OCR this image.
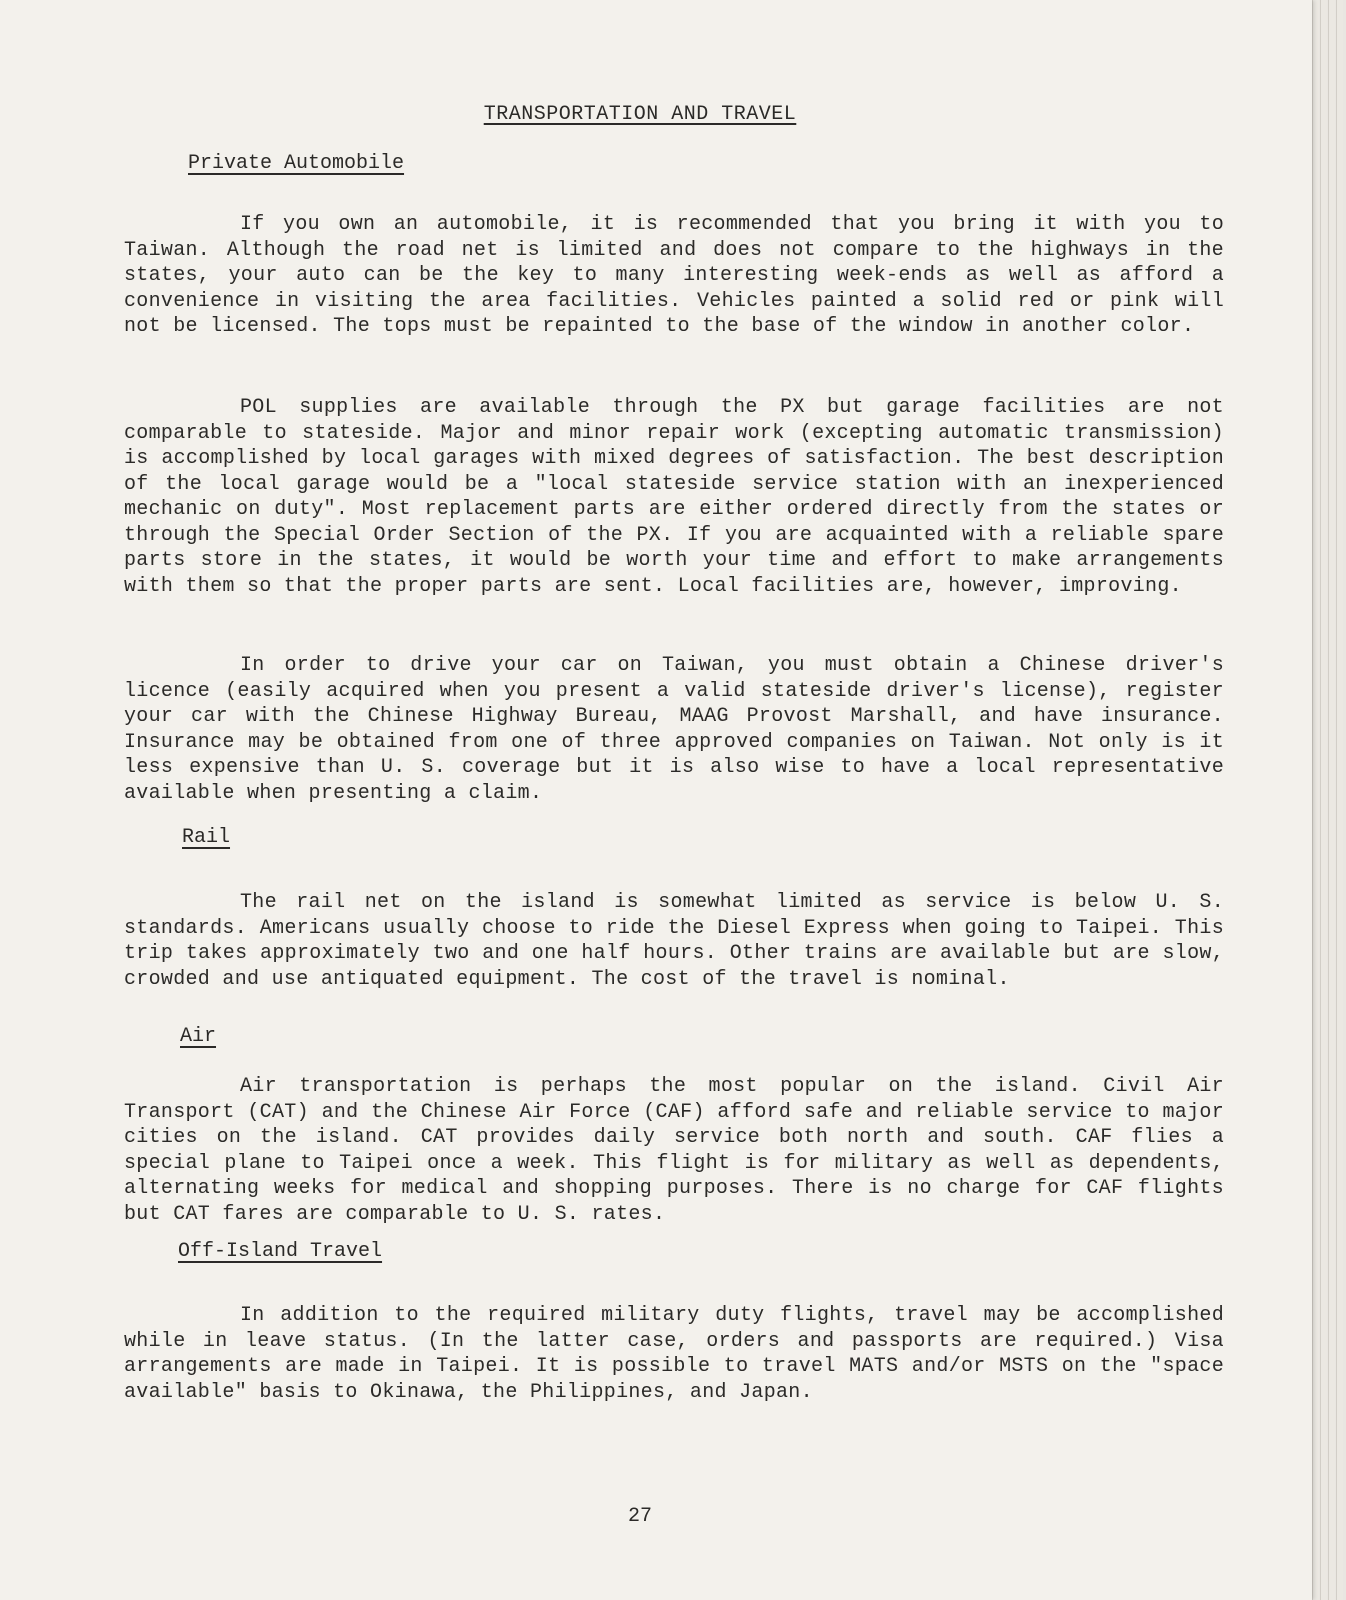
TRANSPORTATION AND TRAVEL
Private Automobile

If you own an automobile, it is recommended that you bring it with you to Taiwan. Although the road net is limited and does not compare to the highways in the states, your auto can be the key to many interesting week-ends as well as afford a convenience in visiting the area facilities. Vehicles painted a solid red or pink will not be licensed. The tops must be repainted to the base of the window in another color.

POL supplies are available through the PX but garage facilities are not comparable to stateside. Major and minor repair work (excepting automatic transmission) is accomplished by local garages with mixed degrees of satisfaction. The best description of the local garage would be a "local stateside service station with an inexperienced mechanic on duty". Most replacement parts are either ordered directly from the states or through the Special Order Section of the PX. If you are acquainted with a reliable spare parts store in the states, it would be worth your time and effort to make arrangements with them so that the proper parts are sent. Local facilities are, however, improving.

In order to drive your car on Taiwan, you must obtain a Chinese driver's licence (easily acquired when you present a valid stateside driver's license), register your car with the Chinese Highway Bureau, MAAG Provost Marshall, and have insurance. Insurance may be obtained from one of three approved companies on Taiwan. Not only is it less expensive than U. S. coverage but it is also wise to have a local representative available when presenting a claim.

Rail

The rail net on the island is somewhat limited as service is below U. S. standards. Americans usually choose to ride the Diesel Express when going to Taipei. This trip takes approximately two and one half hours. Other trains are available but are slow, crowded and use antiquated equipment. The cost of the travel is nominal.

Air

Air transportation is perhaps the most popular on the island. Civil Air Transport (CAT) and the Chinese Air Force (CAF) afford safe and reliable service to major cities on the island. CAT provides daily service both north and south. CAF flies a special plane to Taipei once a week. This flight is for military as well as dependents, alternating weeks for medical and shopping purposes. There is no charge for CAF flights but CAT fares are comparable to U. S. rates.

Off-Island Travel

In addition to the required military duty flights, travel may be accomplished while in leave status. (In the latter case, orders and passports are required.) Visa arrangements are made in Taipei. It is possible to travel MATS and/or MSTS on the "space available" basis to Okinawa, the Philippines, and Japan.

27
